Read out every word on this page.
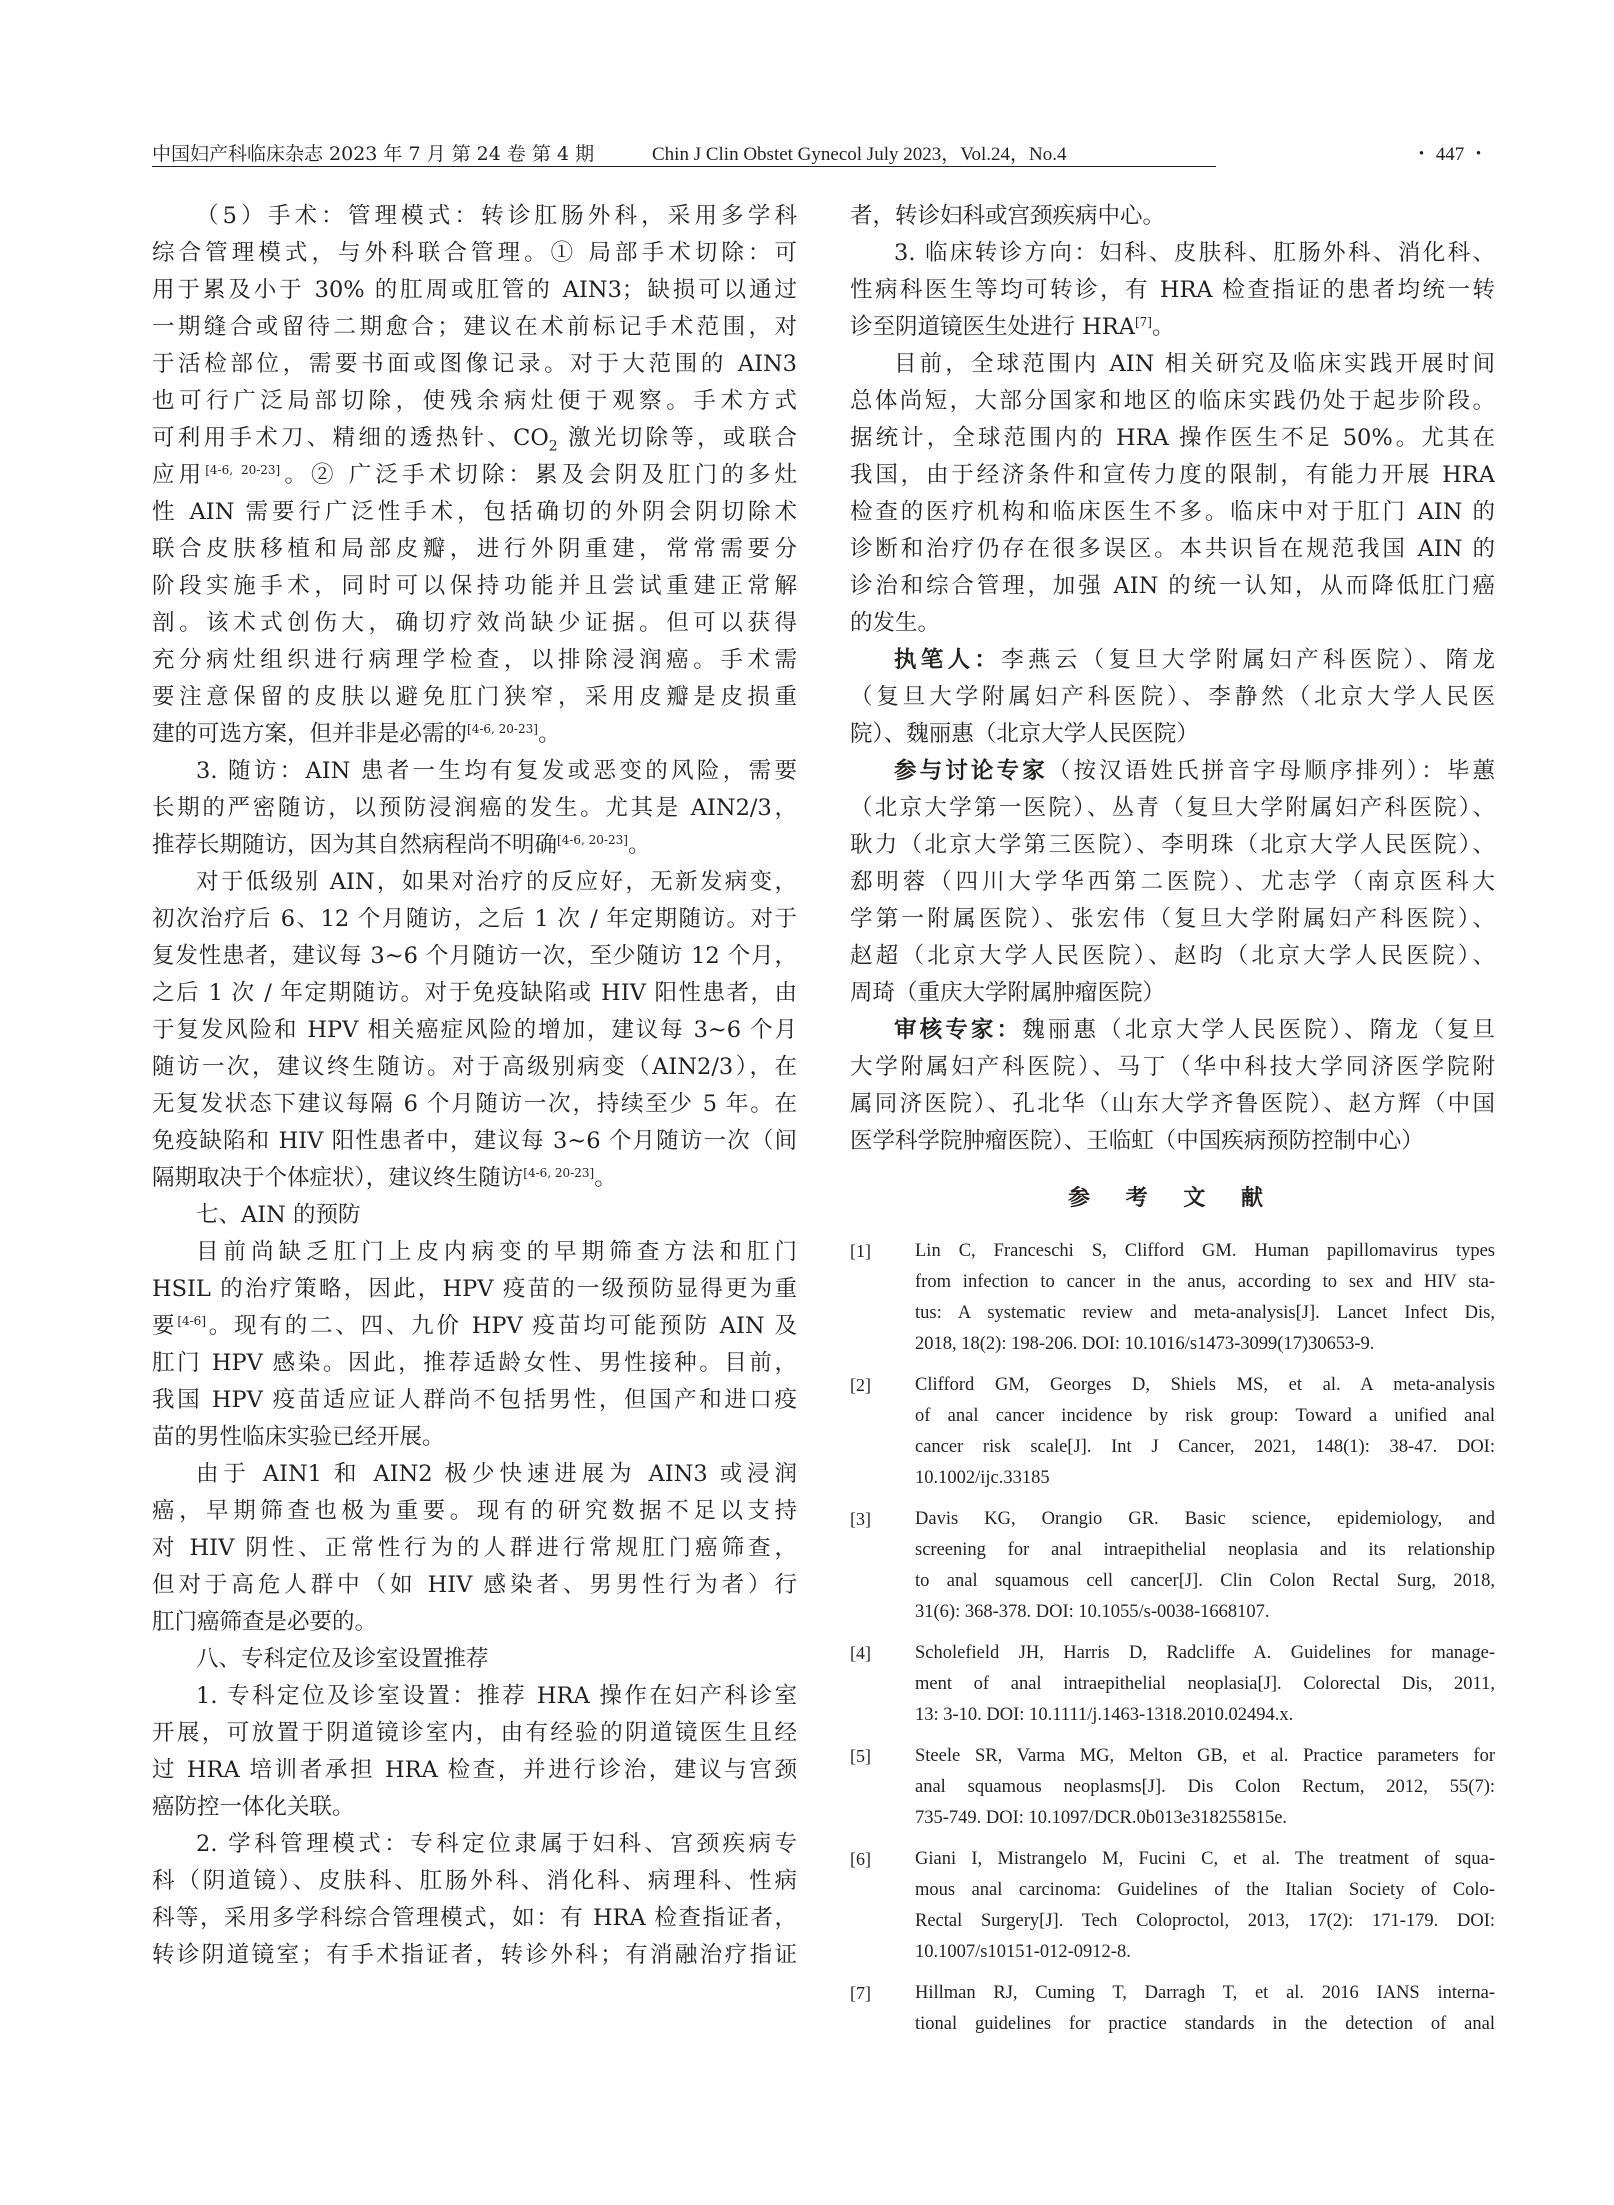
中国妇产科临床杂志 2023 年 7 月 第 24 卷 第 4 期	Chin J Clin Obstet Gynecol July 2023，Vol.24，No.4	・ 447 ・
（5）手术：管理模式：转诊肛肠外科，采用多学科
综合管理模式，与外科联合管理。① 局部手术切除：可
用于累及小于 30% 的肛周或肛管的 AIN3；缺损可以通过
一期缝合或留待二期愈合；建议在术前标记手术范围，对
于活检部位，需要书面或图像记录。对于大范围的 AIN3
也可行广泛局部切除，使残余病灶便于观察。手术方式
可利用手术刀、精细的透热针、$CO_2$ 激光切除等，或联合
应用[4-6, 20-23]。② 广泛手术切除：累及会阴及肛门的多灶
性 AIN 需要行广泛性手术，包括确切的外阴会阴切除术
联合皮肤移植和局部皮瓣，进行外阴重建，常常需要分
阶段实施手术，同时可以保持功能并且尝试重建正常解
剖。该术式创伤大，确切疗效尚缺少证据。但可以获得
充分病灶组织进行病理学检查，以排除浸润癌。手术需
要注意保留的皮肤以避免肛门狭窄，采用皮瓣是皮损重
建的可选方案，但并非是必需的[4-6, 20-23]。
3. 随访：AIN 患者一生均有复发或恶变的风险，需要
长期的严密随访，以预防浸润癌的发生。尤其是 AIN2/3，
推荐长期随访，因为其自然病程尚不明确[4-6, 20-23]。
对于低级别 AIN，如果对治疗的反应好，无新发病变，
初次治疗后 6、12 个月随访，之后 1 次 / 年定期随访。对于
复发性患者，建议每 3~6 个月随访一次，至少随访 12 个月，
之后 1 次 / 年定期随访。对于免疫缺陷或 HIV 阳性患者，由
于复发风险和 HPV 相关癌症风险的增加，建议每 3~6 个月
随访一次，建议终生随访。对于高级别病变（AIN2/3），在
无复发状态下建议每隔 6 个月随访一次，持续至少 5 年。在
免疫缺陷和 HIV 阳性患者中，建议每 3~6 个月随访一次（间
隔期取决于个体症状），建议终生随访[4-6, 20-23]。
七、AIN 的预防
目前尚缺乏肛门上皮内病变的早期筛查方法和肛门
HSIL 的治疗策略，因此，HPV 疫苗的一级预防显得更为重
要[4-6]。现有的二、四、九价 HPV 疫苗均可能预防 AIN 及
肛门 HPV 感染。因此，推荐适龄女性、男性接种。目前，
我国 HPV 疫苗适应证人群尚不包括男性，但国产和进口疫
苗的男性临床实验已经开展。
由于 AIN1 和 AIN2 极少快速进展为 AIN3 或浸润
癌，早期筛查也极为重要。现有的研究数据不足以支持
对 HIV 阴性、正常性行为的人群进行常规肛门癌筛查，
但对于高危人群中（如 HIV 感染者、男男性行为者）行
肛门癌筛查是必要的。
八、专科定位及诊室设置推荐
1. 专科定位及诊室设置：推荐 HRA 操作在妇产科诊室
开展，可放置于阴道镜诊室内，由有经验的阴道镜医生且经
过 HRA 培训者承担 HRA 检查，并进行诊治，建议与宫颈
癌防控一体化关联。
2. 学科管理模式：专科定位隶属于妇科、宫颈疾病专
科（阴道镜）、皮肤科、肛肠外科、消化科、病理科、性病
科等，采用多学科综合管理模式，如：有 HRA 检查指证者，
转诊阴道镜室；有手术指证者，转诊外科；有消融治疗指证
者，转诊妇科或宫颈疾病中心。
3. 临床转诊方向：妇科、皮肤科、肛肠外科、消化科、
性病科医生等均可转诊，有 HRA 检查指证的患者均统一转
诊至阴道镜医生处进行 HRA[7]。
目前，全球范围内 AIN 相关研究及临床实践开展时间
总体尚短，大部分国家和地区的临床实践仍处于起步阶段。
据统计，全球范围内的 HRA 操作医生不足 50%。尤其在
我国，由于经济条件和宣传力度的限制，有能力开展 HRA
检查的医疗机构和临床医生不多。临床中对于肛门 AIN 的
诊断和治疗仍存在很多误区。本共识旨在规范我国 AIN 的
诊治和综合管理，加强 AIN 的统一认知，从而降低肛门癌
的发生。
执笔人：李燕云（复旦大学附属妇产科医院）、隋龙
（复旦大学附属妇产科医院）、李静然（北京大学人民医
院）、魏丽惠（北京大学人民医院）
参与讨论专家（按汉语姓氏拼音字母顺序排列）：毕蕙
（北京大学第一医院）、丛青（复旦大学附属妇产科医院）、
耿力（北京大学第三医院）、李明珠（北京大学人民医院）、
郄明蓉（四川大学华西第二医院）、尤志学（南京医科大
学第一附属医院）、张宏伟（复旦大学附属妇产科医院）、
赵超（北京大学人民医院）、赵昀（北京大学人民医院）、
周琦（重庆大学附属肿瘤医院）
审核专家：魏丽惠（北京大学人民医院）、隋龙（复旦
大学附属妇产科医院）、马丁（华中科技大学同济医学院附
属同济医院）、孔北华（山东大学齐鲁医院）、赵方辉（中国
医学科学院肿瘤医院）、王临虹（中国疾病预防控制中心）
参 考 文 献
[1] Lin C, Franceschi S, Clifford GM. Human papillomavirus types
from infection to cancer in the anus, according to sex and HIV sta-
tus: A systematic review and meta-analysis[J]. Lancet Infect Dis,
2018, 18(2): 198-206. DOI: 10.1016/s1473-3099(17)30653-9.
[2] Clifford GM, Georges D, Shiels MS, et al. A meta-analysis
of anal cancer incidence by risk group: Toward a unified anal
cancer risk scale[J]. Int J Cancer, 2021, 148(1): 38-47. DOI:
10.1002/ijc.33185
[3] Davis KG, Orangio GR. Basic science, epidemiology, and
screening for anal intraepithelial neoplasia and its relationship
to anal squamous cell cancer[J]. Clin Colon Rectal Surg, 2018,
31(6): 368-378. DOI: 10.1055/s-0038-1668107.
[4] Scholefield JH, Harris D, Radcliffe A. Guidelines for manage-
ment of anal intraepithelial neoplasia[J]. Colorectal Dis, 2011,
13: 3-10. DOI: 10.1111/j.1463-1318.2010.02494.x.
[5] Steele SR, Varma MG, Melton GB, et al. Practice parameters for
anal squamous neoplasms[J]. Dis Colon Rectum, 2012, 55(7):
735-749. DOI: 10.1097/DCR.0b013e318255815e.
[6] Giani I, Mistrangelo M, Fucini C, et al. The treatment of squa-
mous anal carcinoma: Guidelines of the Italian Society of Colo-
Rectal Surgery[J]. Tech Coloproctol, 2013, 17(2): 171-179. DOI:
10.1007/s10151-012-0912-8.
[7] Hillman RJ, Cuming T, Darragh T, et al. 2016 IANS interna-
tional guidelines for practice standards in the detection of anal
